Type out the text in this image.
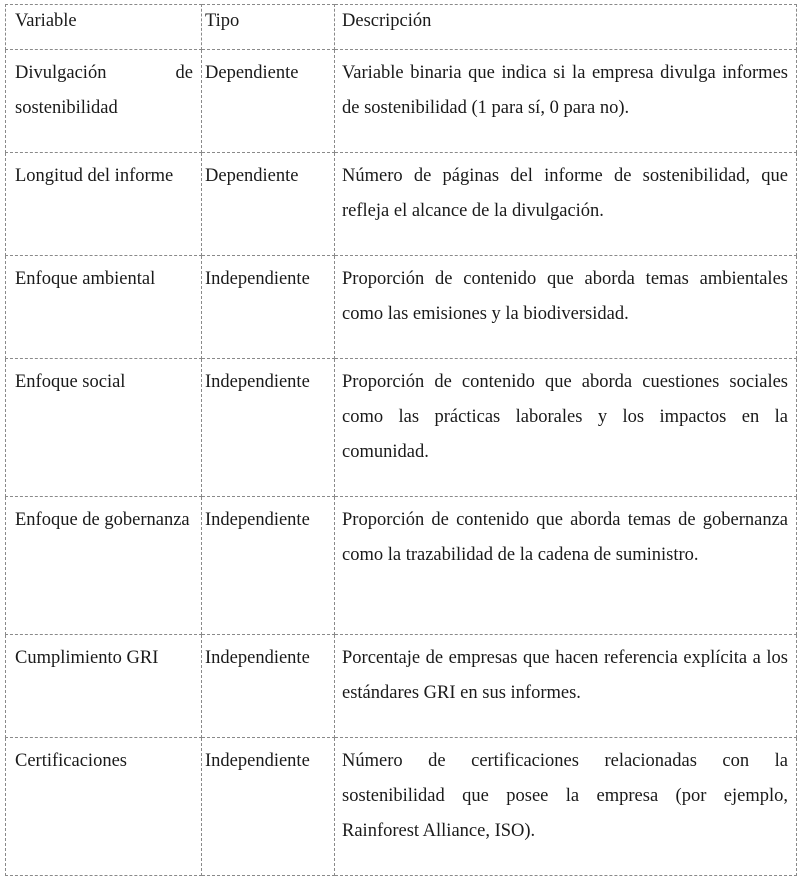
Variable	Tipo	Descripción
Divulgación de sostenibilidad	Dependiente	Variable binaria que indica si la empresa divulga informes de sostenibilidad (1 para sí, 0 para no).
Longitud del informe	Dependiente	Número de páginas del informe de sostenibilidad, que refleja el alcance de la divulgación.
Enfoque ambiental	Independiente	Proporción de contenido que aborda temas ambientales como las emisiones y la biodiversidad.
Enfoque social	Independiente	Proporción de contenido que aborda cuestiones sociales como las prácticas laborales y los impactos en la comunidad.
Enfoque de gobernanza	Independiente	Proporción de contenido que aborda temas de gobernanza como la trazabilidad de la cadena de suministro.
Cumplimiento GRI	Independiente	Porcentaje de empresas que hacen referencia explícita a los estándares GRI en sus informes.
Certificaciones	Independiente	Número de certificaciones relacionadas con la sostenibilidad que posee la empresa (por ejemplo, Rainforest Alliance, ISO).
